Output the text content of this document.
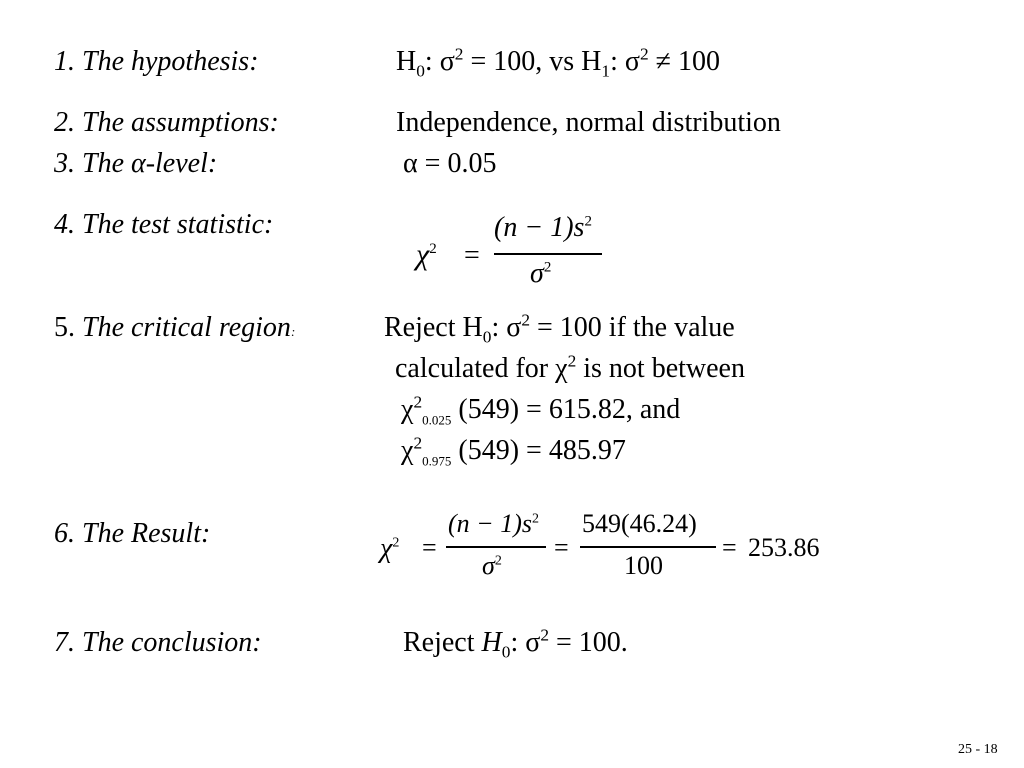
1. The hypothesis:	$H_0$: $\sigma^2 = 100$, vs $H_1$: $\sigma^2 \ne 100$
2. The assumptions:	Independence, normal distribution
3. The α-level:	α = 0.05
4. The test statistic:
$\chi^2$ =
$(n - 1)s^2$
$\sigma^2$
5. The critical region:	Reject $H_0$: $\sigma^2 = 100$ if the value
calculated for $\chi^2$ is not between
$\chi^2_{0.025}$ (549) = 615.82, and
$\chi^2_{0.975}$ (549) = 485.97
6. The Result:	$\chi^2$ =
$(n - 1)s^2$
$\sigma^2$ =
549(46.24)
100
= 253.86
7. The conclusion:	Reject $H_0$: $\sigma^2 = 100$.
25 - 18
